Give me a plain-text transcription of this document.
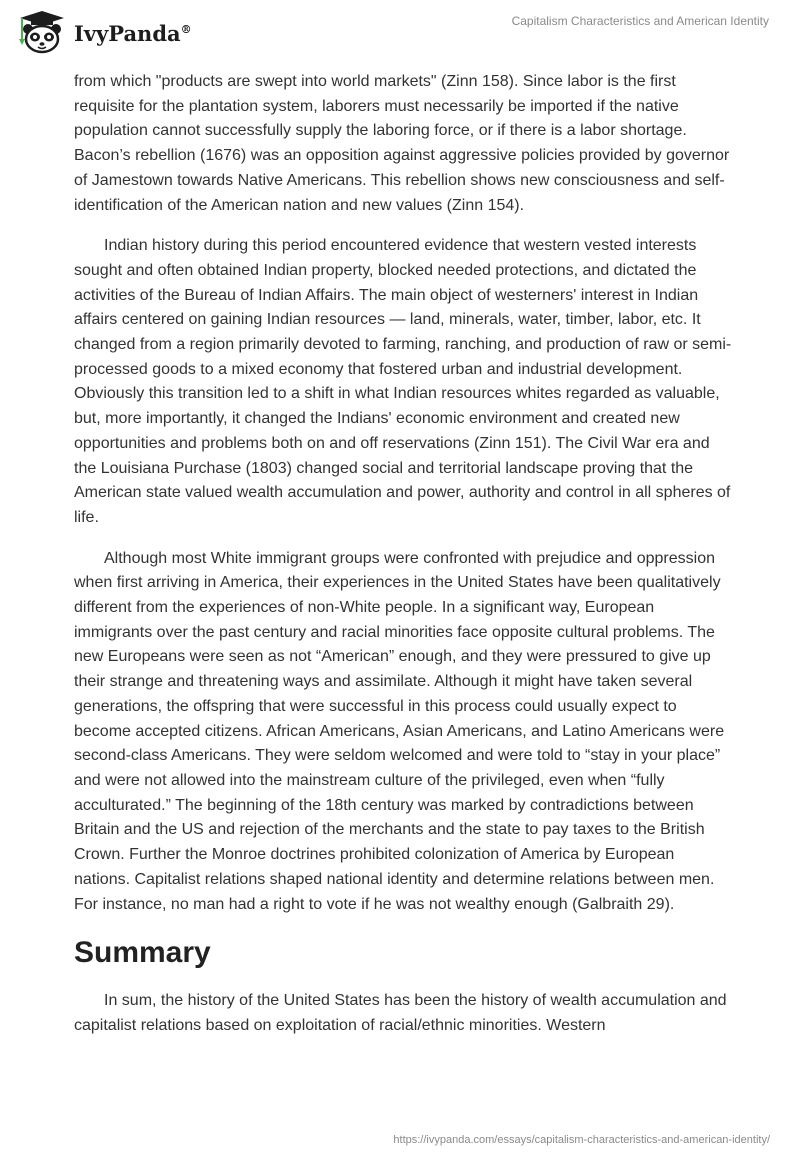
IvyPanda®
Capitalism Characteristics and American Identity

from which "products are swept into world markets" (Zinn 158). Since labor is the first requisite for the plantation system, laborers must necessarily be imported if the native population cannot successfully supply the laboring force, or if there is a labor shortage. Bacon’s rebellion (1676) was an opposition against aggressive policies provided by governor of Jamestown towards Native Americans. This rebellion shows new consciousness and self-identification of the American nation and new values (Zinn 154).

Indian history during this period encountered evidence that western vested interests sought and often obtained Indian property, blocked needed protections, and dictated the activities of the Bureau of Indian Affairs. The main object of westerners' interest in Indian affairs centered on gaining Indian resources — land, minerals, water, timber, labor, etc. It changed from a region primarily devoted to farming, ranching, and production of raw or semi-processed goods to a mixed economy that fostered urban and industrial development. Obviously this transition led to a shift in what Indian resources whites regarded as valuable, but, more importantly, it changed the Indians' economic environment and created new opportunities and problems both on and off reservations (Zinn 151). The Civil War era and the Louisiana Purchase (1803) changed social and territorial landscape proving that the American state valued wealth accumulation and power, authority and control in all spheres of life.

Although most White immigrant groups were confronted with prejudice and oppression when first arriving in America, their experiences in the United States have been qualitatively different from the experiences of non-White people. In a significant way, European immigrants over the past century and racial minorities face opposite cultural problems. The new Europeans were seen as not “American” enough, and they were pressured to give up their strange and threatening ways and assimilate. Although it might have taken several generations, the offspring that were successful in this process could usually expect to become accepted citizens. African Americans, Asian Americans, and Latino Americans were second-class Americans. They were seldom welcomed and were told to “stay in your place” and were not allowed into the mainstream culture of the privileged, even when “fully acculturated.” The beginning of the 18th century was marked by contradictions between Britain and the US and rejection of the merchants and the state to pay taxes to the British Crown. Further the Monroe doctrines prohibited colonization of America by European nations. Capitalist relations shaped national identity and determine relations between men. For instance, no man had a right to vote if he was not wealthy enough (Galbraith 29).

Summary

In sum, the history of the United States has been the history of wealth accumulation and capitalist relations based on exploitation of racial/ethnic minorities. Western

https://ivypanda.com/essays/capitalism-characteristics-and-american-identity/
